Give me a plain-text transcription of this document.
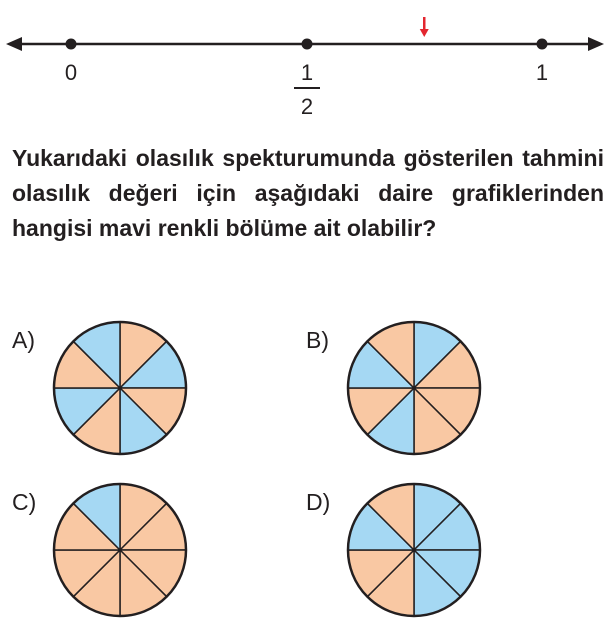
0	1
2
1

Yukarıdaki olasılık spekturumunda gösterilen tahmini olasılık değeri için aşağıdaki daire grafiklerinden hangisi mavi renkli bölüme ait olabilir?

A)	B)
C)	D)
